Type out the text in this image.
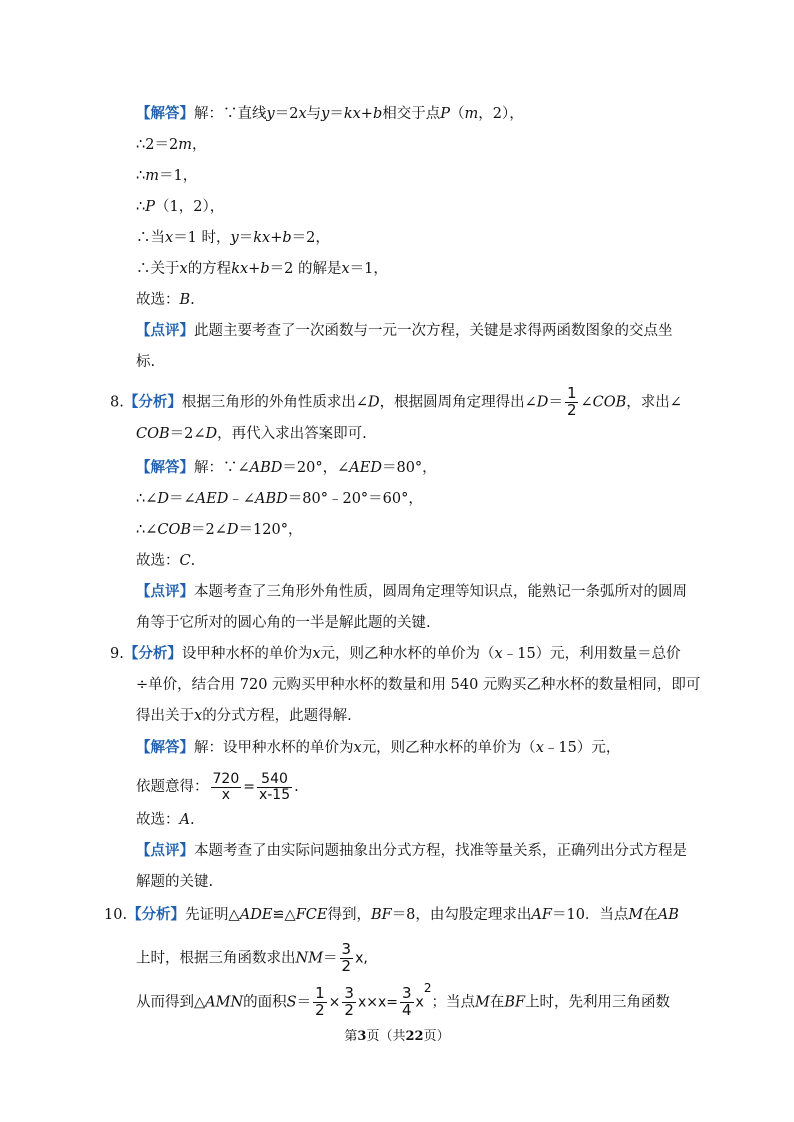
【解答】解：∵直线y＝2x与y＝kx+b相交于点P（m，2），
∴2＝2m，
∴m＝1，
∴P（1，2），
∴当x＝1 时，y＝kx+b＝2，
∴关于x的方程kx+b＝2 的解是x＝1，
故选：B.
【点评】此题主要考查了一次函数与一元一次方程，关键是求得两函数图象的交点坐
标.
8.【分析】根据三角形的外角性质求出∠D，根据圆周角定理得出∠D＝ $\frac{1}{2}$ ∠COB，求出∠
COB＝2∠D，再代入求出答案即可.
【解答】解：∵∠ABD＝20°，∠AED＝80°，
∴∠D＝∠AED﹣∠ABD＝80°﹣20°＝60°，
∴∠COB＝2∠D＝120°，
故选：C.
【点评】本题考查了三角形外角性质，圆周角定理等知识点，能熟记一条弧所对的圆周
角等于它所对的圆心角的一半是解此题的关键.
9.【分析】设甲种水杯的单价为x元，则乙种水杯的单价为（x﹣15）元，利用数量＝总价
÷单价，结合用 720 元购买甲种水杯的数量和用 540 元购买乙种水杯的数量相同，即可
得出关于x的分式方程，此题得解.
【解答】解：设甲种水杯的单价为x元，则乙种水杯的单价为（x﹣15）元，
依题意得： $\frac{720}{x} = \frac{540}{x-15}$ .
故选：A.
【点评】本题考查了由实际问题抽象出分式方程，找准等量关系，正确列出分式方程是
解题的关键.
10.【分析】先证明△ADE≌△FCE得到，BF＝8，由勾股定理求出AF＝10．当点M在AB
上时，根据三角函数求出$NM= \frac{3}{2} x$,
从而得到△AMN的面积$S= \frac{1}{2} \times \frac{3}{2} x\times x= \frac{3}{4} x^2$；当点M在BF上时，先利用三角函数
第3页（共22页）
